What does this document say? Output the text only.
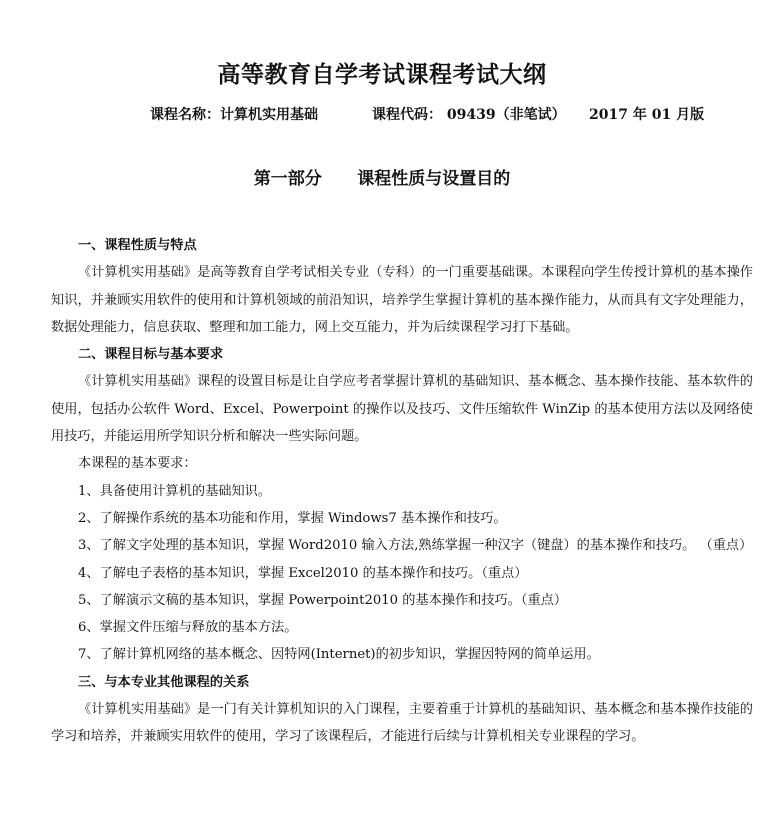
高等教育自学考试课程考试大纲
课程名称：计算机实用基础	课程代码： 09439（非笔试） 2017 年 01 月版
第一部分      课程性质与设置目的

一、课程性质与特点

《计算机实用基础》是高等教育自学考试相关专业（专科）的一门重要基础课。本课程向学生传授计算机的基本操作知识，并兼顾实用软件的使用和计算机领域的前沿知识，培养学生掌握计算机的基本操作能力，从而具有文字处理能力，数据处理能力，信息获取、整理和加工能力，网上交互能力，并为后续课程学习打下基础。

二、课程目标与基本要求

《计算机实用基础》课程的设置目标是让自学应考者掌握计算机的基础知识、基本概念、基本操作技能、基本软件的使用，包括办公软件 Word、Excel、Powerpoint 的操作以及技巧、文件压缩软件 WinZip 的基本使用方法以及网络使用技巧，并能运用所学知识分析和解决一些实际问题。

本课程的基本要求：

1、具备使用计算机的基础知识。

2、了解操作系统的基本功能和作用，掌握 Windows7 基本操作和技巧。

3、了解文字处理的基本知识，掌握 Word2010 输入方法,熟练掌握一种汉字（键盘）的基本操作和技巧。 （重点）

4、了解电子表格的基本知识，掌握 Excel2010 的基本操作和技巧。（重点）

5、了解演示文稿的基本知识，掌握 Powerpoint2010 的基本操作和技巧。（重点）

6、掌握文件压缩与释放的基本方法。

7、了解计算机网络的基本概念、因特网(Internet)的初步知识，掌握因特网的简单运用。

三、与本专业其他课程的关系

《计算机实用基础》是一门有关计算机知识的入门课程，主要着重于计算机的基础知识、基本概念和基本操作技能的学习和培养，并兼顾实用软件的使用，学习了该课程后，才能进行后续与计算机相关专业课程的学习。
